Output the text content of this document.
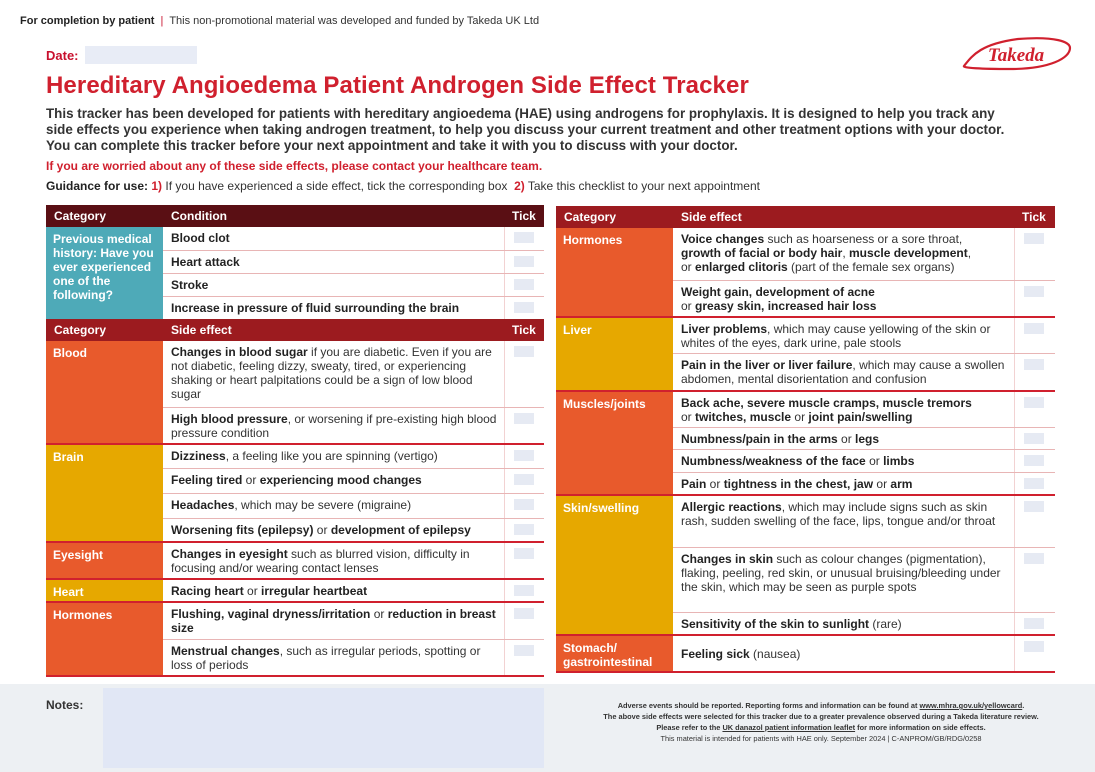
For completion by patient | This non-promotional material was developed and funded by Takeda UK Ltd
Date:	Takeda
Hereditary Angioedema Patient Androgen Side Effect Tracker

This tracker has been developed for patients with hereditary angioedema (HAE) using androgens for prophylaxis. It is designed to help you track any side effects you experience when taking androgen treatment, to help you discuss your current treatment and other treatment options with your doctor. You can complete this tracker before your next appointment and take it with you to discuss with your doctor.

If you are worried about any of these side effects, please contact your healthcare team.
Guidance for use: 1) If you have experienced a side effect, tick the corresponding box 2) Take this checklist to your next appointment
Category	Condition	Tick
Previous medical history: Have you ever experienced one of the following?	Blood clot	

	Heart attack	

	Stroke	

	Increase in pressure of fluid surrounding the brain	

Category	Side effect	Tick
Blood	Changes in blood sugar if you are diabetic. Even if you are not diabetic, feeling dizzy, sweaty, tired, or experiencing shaking or heart palpitations could be a sign of low blood sugar	

	High blood pressure, or worsening if pre-existing high blood pressure condition	

Brain	Dizziness, a feeling like you are spinning (vertigo)	

	Feeling tired or experiencing mood changes	

	Headaches, which may be severe (migraine)	

	Worsening fits (epilepsy) or development of epilepsy	

Eyesight	Changes in eyesight such as blurred vision, difficulty in focusing and/or wearing contact lenses	

Heart	Racing heart or irregular heartbeat	

Hormones	Flushing, vaginal dryness/irritation or reduction in breast size	

	Menstrual changes, such as irregular periods, spotting or loss of periods	
Category	Side effect	Tick
Hormones	Voice changes such as hoarseness or a sore throat,
growth of facial or body hair, muscle development,
or enlarged clitoris (part of the female sex organs)	

	Weight gain, development of acne
or greasy skin, increased hair loss	

Liver	Liver problems, which may cause yellowing of the skin or whites of the eyes, dark urine, pale stools	

	Pain in the liver or liver failure, which may cause a swollen abdomen, mental disorientation and confusion	

Muscles/joints	Back ache, severe muscle cramps, muscle tremors
or twitches, muscle or joint pain/swelling	

	Numbness/pain in the arms or legs	

	Numbness/weakness of the face or limbs	

	Pain or tightness in the chest, jaw or arm	

Skin/swelling	Allergic reactions, which may include signs such as skin rash, sudden swelling of the face, lips, tongue and/or throat	

	Changes in skin such as colour changes (pigmentation), flaking, peeling, red skin, or unusual bruising/bleeding under the skin, which may be seen as purple spots	

	Sensitivity of the skin to sunlight (rare)	

Stomach/ gastrointestinal	Feeling sick (nausea)	
Notes:	Adverse events should be reported. Reporting forms and information can be found at www.mhra.gov.uk/yellowcard.
The above side effects were selected for this tracker due to a greater prevalence observed during a Takeda literature review.
Please refer to the UK danazol patient information leaflet for more information on side effects.
This material is intended for patients with HAE only. September 2024 | C-ANPROM/GB/RDG/0258
